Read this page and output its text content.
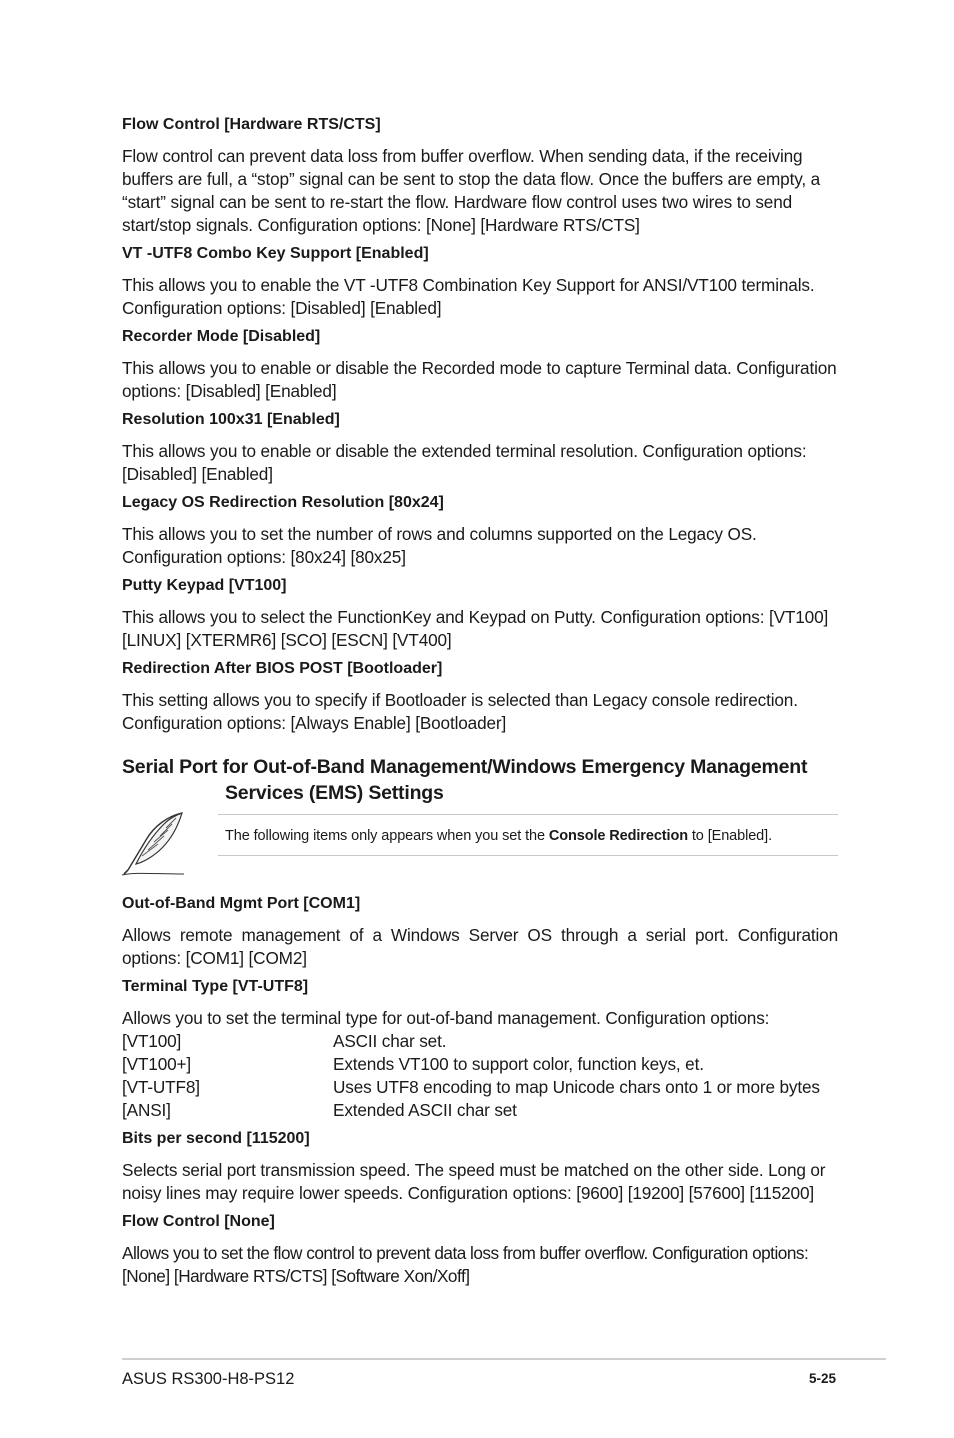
Flow Control [Hardware RTS/CTS]

Flow control can prevent data loss from buffer overflow. When sending data, if the receiving buffers are full, a “stop” signal can be sent to stop the data flow. Once the buffers are empty, a “start” signal can be sent to re-start the flow. Hardware flow control uses two wires to send start/stop signals. Configuration options: [None] [Hardware RTS/CTS]

VT -UTF8 Combo Key Support [Enabled]

This allows you to enable the VT -UTF8 Combination Key Support for ANSI/VT100 terminals. Configuration options: [Disabled] [Enabled]

Recorder Mode [Disabled]

This allows you to enable or disable the Recorded mode to capture Terminal data. Configuration options: [Disabled] [Enabled]

Resolution 100x31 [Enabled]

This allows you to enable or disable the extended terminal resolution. Configuration options: [Disabled] [Enabled]

Legacy OS Redirection Resolution [80x24]

This allows you to set the number of rows and columns supported on the Legacy OS. Configuration options: [80x24] [80x25]

Putty Keypad [VT100]

This allows you to select the FunctionKey and Keypad on Putty. Configuration options: [VT100] [LINUX] [XTERMR6] [SCO] [ESCN] [VT400]

Redirection After BIOS POST [Bootloader]

This setting allows you to specify if Bootloader is selected than Legacy console redirection. Configuration options: [Always Enable] [Bootloader]

Serial Port for Out-of-Band Management/Windows Emergency Management
Services (EMS) Settings
The following items only appears when you set the Console Redirection to [Enabled].

Out-of-Band Mgmt Port [COM1]

Allows remote management of a Windows Server OS through a serial port. Configuration options: [COM1] [COM2]

Terminal Type [VT-UTF8]

Allows you to set the terminal type for out-of-band management. Configuration options:

[VT100]	ASCII char set.
[VT100+]	Extends VT100 to support color, function keys, et.
[VT-UTF8]	Uses UTF8 encoding to map Unicode chars onto 1 or more bytes
[ANSI]	Extended ASCII char set

Bits per second [115200]

Selects serial port transmission speed. The speed must be matched on the other side. Long or noisy lines may require lower speeds. Configuration options: [9600] [19200] [57600] [115200]

Flow Control [None]

Allows you to set the flow control to prevent data loss from buffer overflow. Configuration options: [None] [Hardware RTS/CTS] [Software Xon/Xoff]

ASUS RS300-H8-PS12	5-25
